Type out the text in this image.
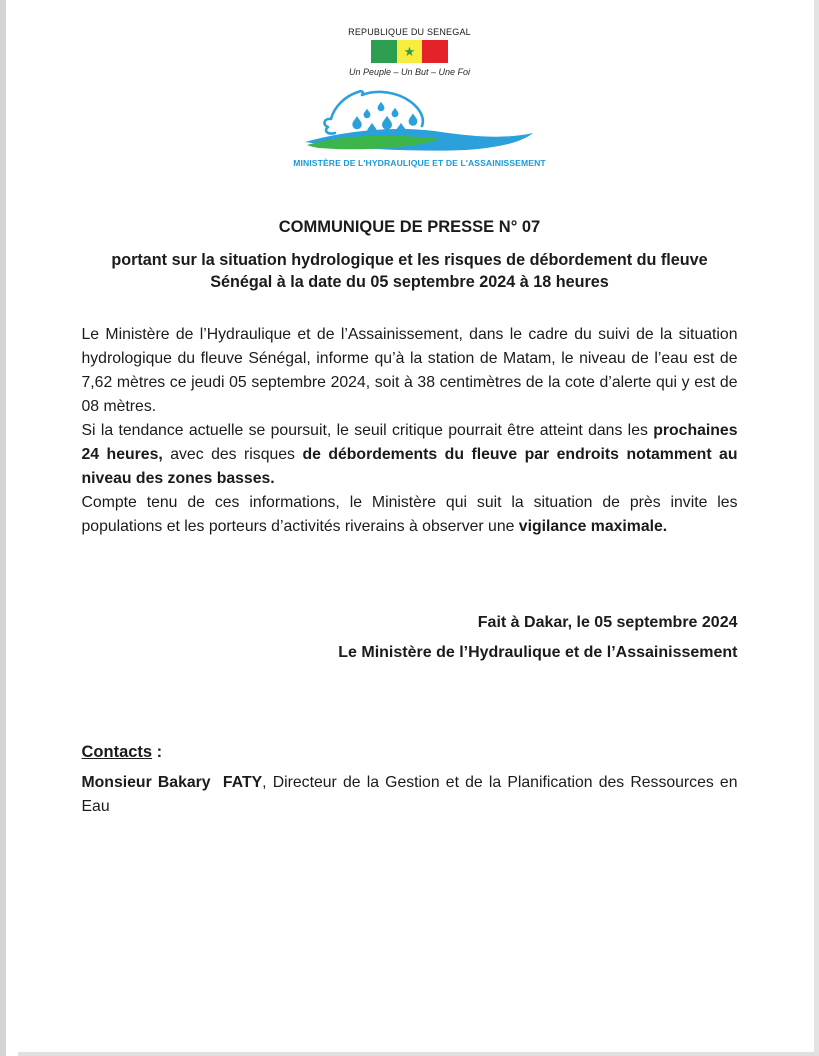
REPUBLIQUE DU SENEGAL
★
Un Peuple – Un But – Une Foi
MINISTÈRE DE L'HYDRAULIQUE ET DE L'ASSAINISSEMENT
COMMUNIQUE DE PRESSE N° 07
portant sur la situation hydrologique et les risques de débordement du fleuve Sénégal à la date du 05 septembre 2024 à 18 heures

Le Ministère de l’Hydraulique et de l’Assainissement, dans le cadre du suivi de la situation hydrologique du fleuve Sénégal, informe qu’à la station de Matam, le niveau de l’eau est de 7,62 mètres ce jeudi 05 septembre 2024, soit à 38 centimètres de la cote d’alerte qui y est de 08 mètres.

Si la tendance actuelle se poursuit, le seuil critique pourrait être atteint dans les prochaines 24 heures, avec des risques de débordements du fleuve par endroits notamment au niveau des zones basses.

Compte tenu de ces informations, le Ministère qui suit la situation de près invite les populations et les porteurs d’activités riverains à observer une vigilance maximale.

Fait à Dakar, le 05 septembre 2024
Le Ministère de l’Hydraulique et de l’Assainissement
Contacts :

Monsieur Bakary  FATY, Directeur de la Gestion et de la Planification des Ressources en Eau
